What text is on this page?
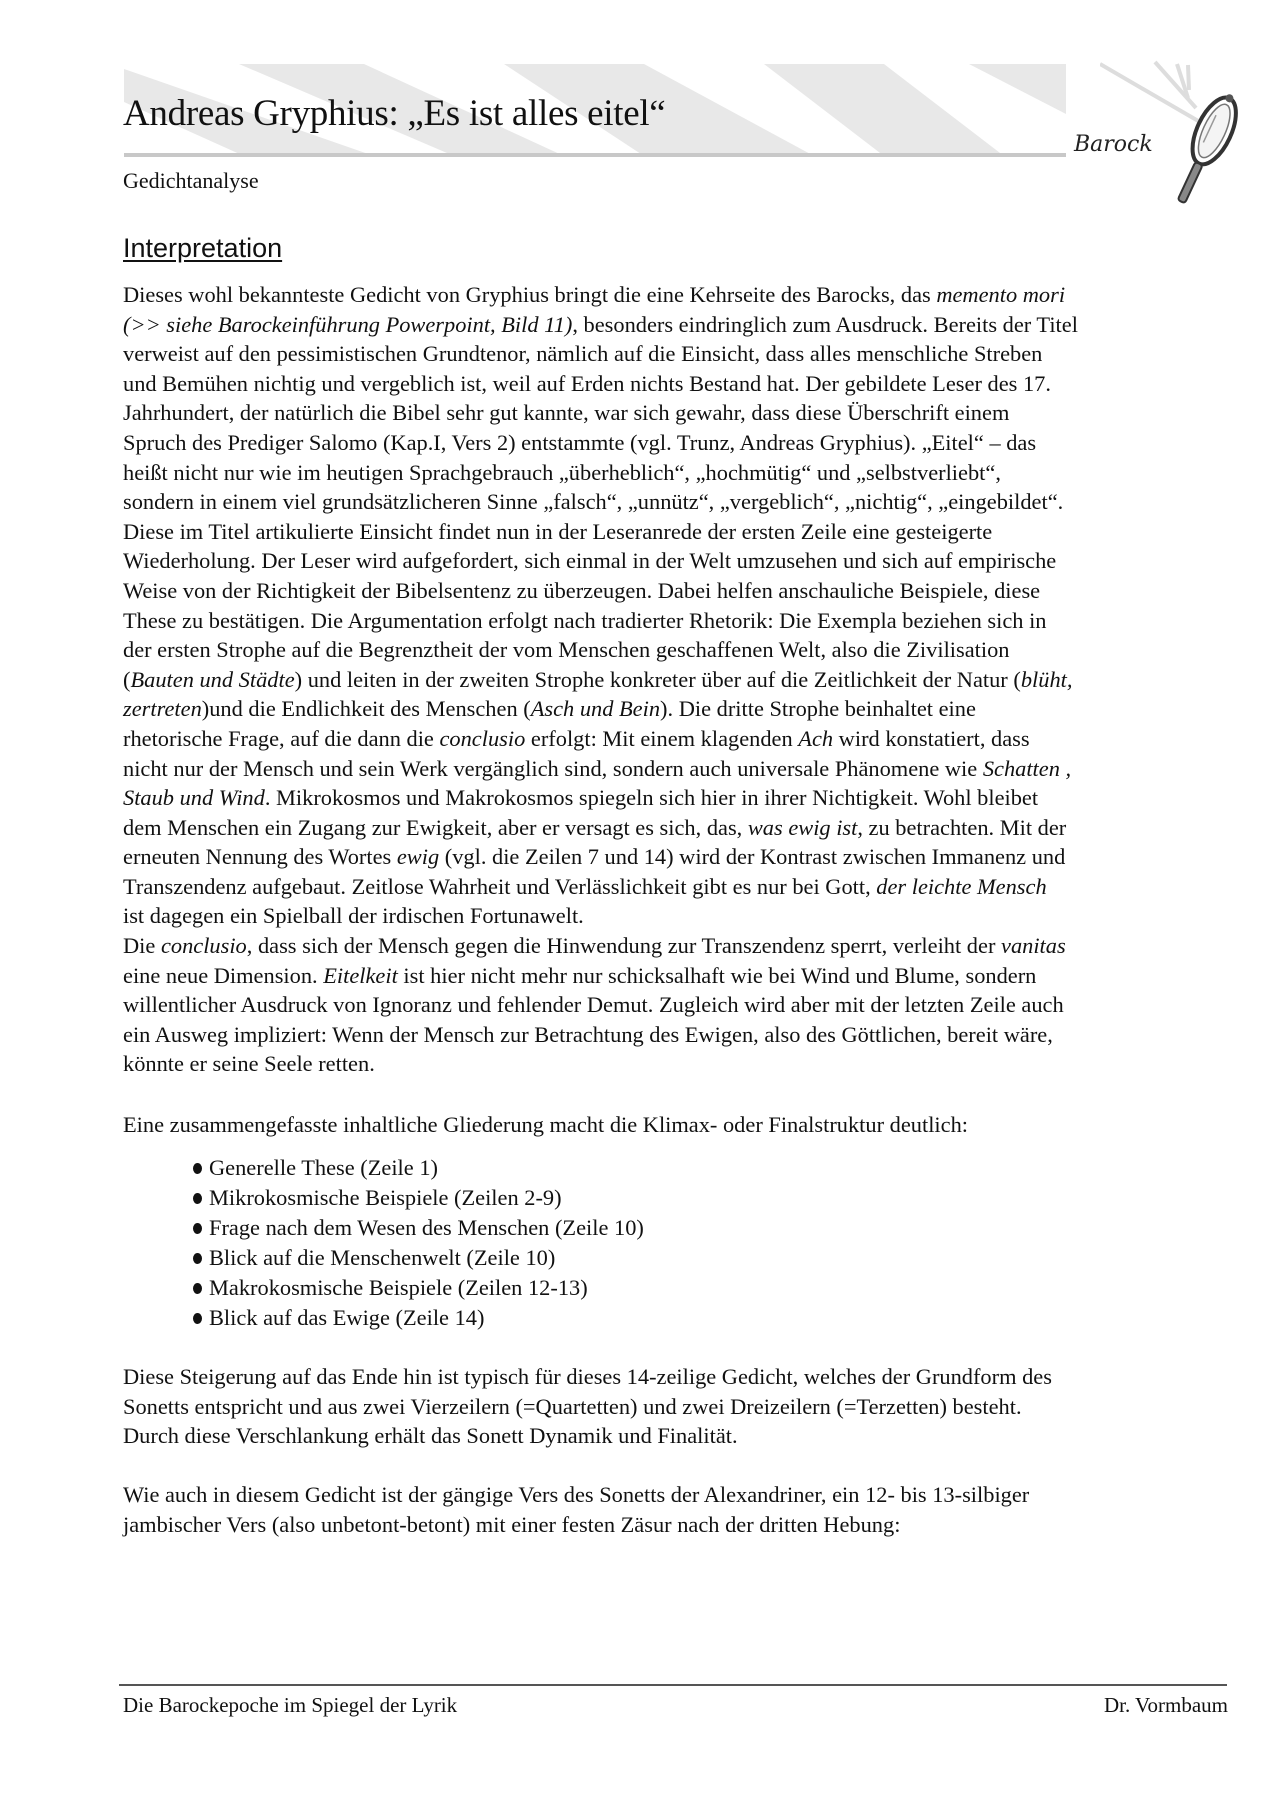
Andreas Gryphius: „Es ist alles eitel“
Barock
Gedichtanalyse
Interpretation
Dieses wohl bekannteste Gedicht von Gryphius bringt die eine Kehrseite des Barocks, das memento mori
(>> siehe Barockeinführung Powerpoint, Bild 11), besonders eindringlich zum Ausdruck. Bereits der Titel
verweist auf den pessimistischen Grundtenor, nämlich auf die Einsicht, dass alles menschliche Streben
und Bemühen nichtig und vergeblich ist, weil auf Erden nichts Bestand hat. Der gebildete Leser des 17.
Jahrhundert, der natürlich die Bibel sehr gut kannte, war sich gewahr, dass diese Überschrift einem
Spruch des Prediger Salomo (Kap.I, Vers 2) entstammte (vgl. Trunz, Andreas Gryphius). „Eitel“ – das
heißt nicht nur wie im heutigen Sprachgebrauch „überheblich“, „hochmütig“ und „selbstverliebt“,
sondern in einem viel grundsätzlicheren Sinne „falsch“, „unnütz“, „vergeblich“, „nichtig“, „eingebildet“.
Diese im Titel artikulierte Einsicht findet nun in der Leseranrede der ersten Zeile eine gesteigerte
Wiederholung. Der Leser wird aufgefordert, sich einmal in der Welt umzusehen und sich auf empirische
Weise von der Richtigkeit der Bibelsentenz zu überzeugen. Dabei helfen anschauliche Beispiele, diese
These zu bestätigen. Die Argumentation erfolgt nach tradierter Rhetorik: Die Exempla beziehen sich in
der ersten Strophe auf die Begrenztheit der vom Menschen geschaffenen Welt, also die Zivilisation
(Bauten und Städte) und leiten in der zweiten Strophe konkreter über auf die Zeitlichkeit der Natur (blüht,
zertreten)und die Endlichkeit des Menschen (Asch und Bein). Die dritte Strophe beinhaltet eine
rhetorische Frage, auf die dann die conclusio erfolgt: Mit einem klagenden Ach wird konstatiert, dass
nicht nur der Mensch und sein Werk vergänglich sind, sondern auch universale Phänomene wie Schatten ,
Staub und Wind. Mikrokosmos und Makrokosmos spiegeln sich hier in ihrer Nichtigkeit. Wohl bleibet
dem Menschen ein Zugang zur Ewigkeit, aber er versagt es sich, das, was ewig ist, zu betrachten. Mit der
erneuten Nennung des Wortes ewig (vgl. die Zeilen 7 und 14) wird der Kontrast zwischen Immanenz und
Transzendenz aufgebaut. Zeitlose Wahrheit und Verlässlichkeit gibt es nur bei Gott, der leichte Mensch
ist dagegen ein Spielball der irdischen Fortunawelt.
Die conclusio, dass sich der Mensch gegen die Hinwendung zur Transzendenz sperrt, verleiht der vanitas
eine neue Dimension. Eitelkeit ist hier nicht mehr nur schicksalhaft wie bei Wind und Blume, sondern
willentlicher Ausdruck von Ignoranz und fehlender Demut. Zugleich wird aber mit der letzten Zeile auch
ein Ausweg impliziert: Wenn der Mensch zur Betrachtung des Ewigen, also des Göttlichen, bereit wäre,
könnte er seine Seele retten.
Eine zusammengefasste inhaltliche Gliederung macht die Klimax- oder Finalstruktur deutlich:
Generelle These (Zeile 1)
Mikrokosmische Beispiele (Zeilen 2-9)
Frage nach dem Wesen des Menschen (Zeile 10)
Blick auf die Menschenwelt (Zeile 10)
Makrokosmische Beispiele (Zeilen 12-13)
Blick auf das Ewige (Zeile 14)
Diese Steigerung auf das Ende hin ist typisch für dieses 14-zeilige Gedicht, welches der Grundform des
Sonetts entspricht und aus zwei Vierzeilern (=Quartetten) und zwei Dreizeilern (=Terzetten) besteht.
Durch diese Verschlankung erhält das Sonett Dynamik und Finalität.
Wie auch in diesem Gedicht ist der gängige Vers des Sonetts der Alexandriner, ein 12- bis 13-silbiger
jambischer Vers (also unbetont-betont) mit einer festen Zäsur nach der dritten Hebung:
Die Barockepoche im Spiegel der Lyrik	Dr. Vormbaum
